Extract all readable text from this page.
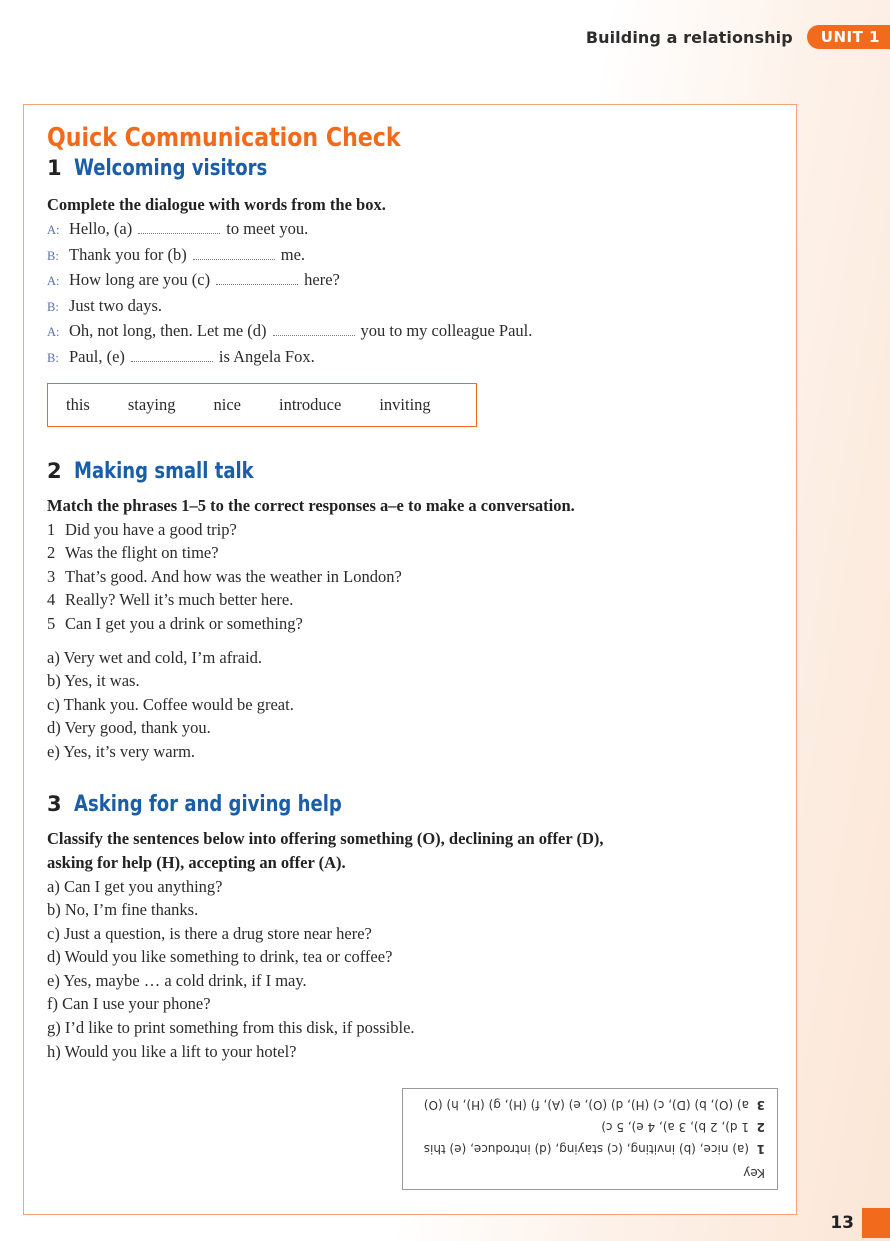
Building a relationship	UNIT 1
Quick Communication Check
1 Welcoming visitors

Complete the dialogue with words from the box.

A: Hello, (a)	to meet you.

B: Thank you for (b)	me.

A: How long are you (c)	here?

B: Just two days.

A: Oh, not long, then. Let me (d)	you to my colleague Paul.

B: Paul, (e)	is Angela Fox.

this staying nice introduce inviting
2 Making small talk

Match the phrases 1–5 to the correct responses a–e to make a conversation.

1 Did you have a good trip?

2 Was the flight on time?

3 That’s good. And how was the weather in London?

4 Really? Well it’s much better here.

5 Can I get you a drink or something?

a) Very wet and cold, I’m afraid.

b) Yes, it was.

c) Thank you. Coffee would be great.

d) Very good, thank you.

e) Yes, it’s very warm.

3 Asking for and giving help

Classify the sentences below into offering something (O), declining an offer (D),

asking for help (H), accepting an offer (A).

a) Can I get you anything?

b) No, I’m fine thanks.

c) Just a question, is there a drug store near here?

d) Would you like something to drink, tea or coffee?

e) Yes, maybe … a cold drink, if I may.

f) Can I use your phone?

g) I’d like to print something from this disk, if possible.

h) Would you like a lift to your hotel?

Key

1(a) nice, (b) inviting, (c) staying, (d) introduce, (e) this

21 d), 2 b), 3 a), 4 e), 5 c)

3a) (O), b) (D), c) (H), d) (O), e) (A), f) (H), g) (H), h) (O)

13
